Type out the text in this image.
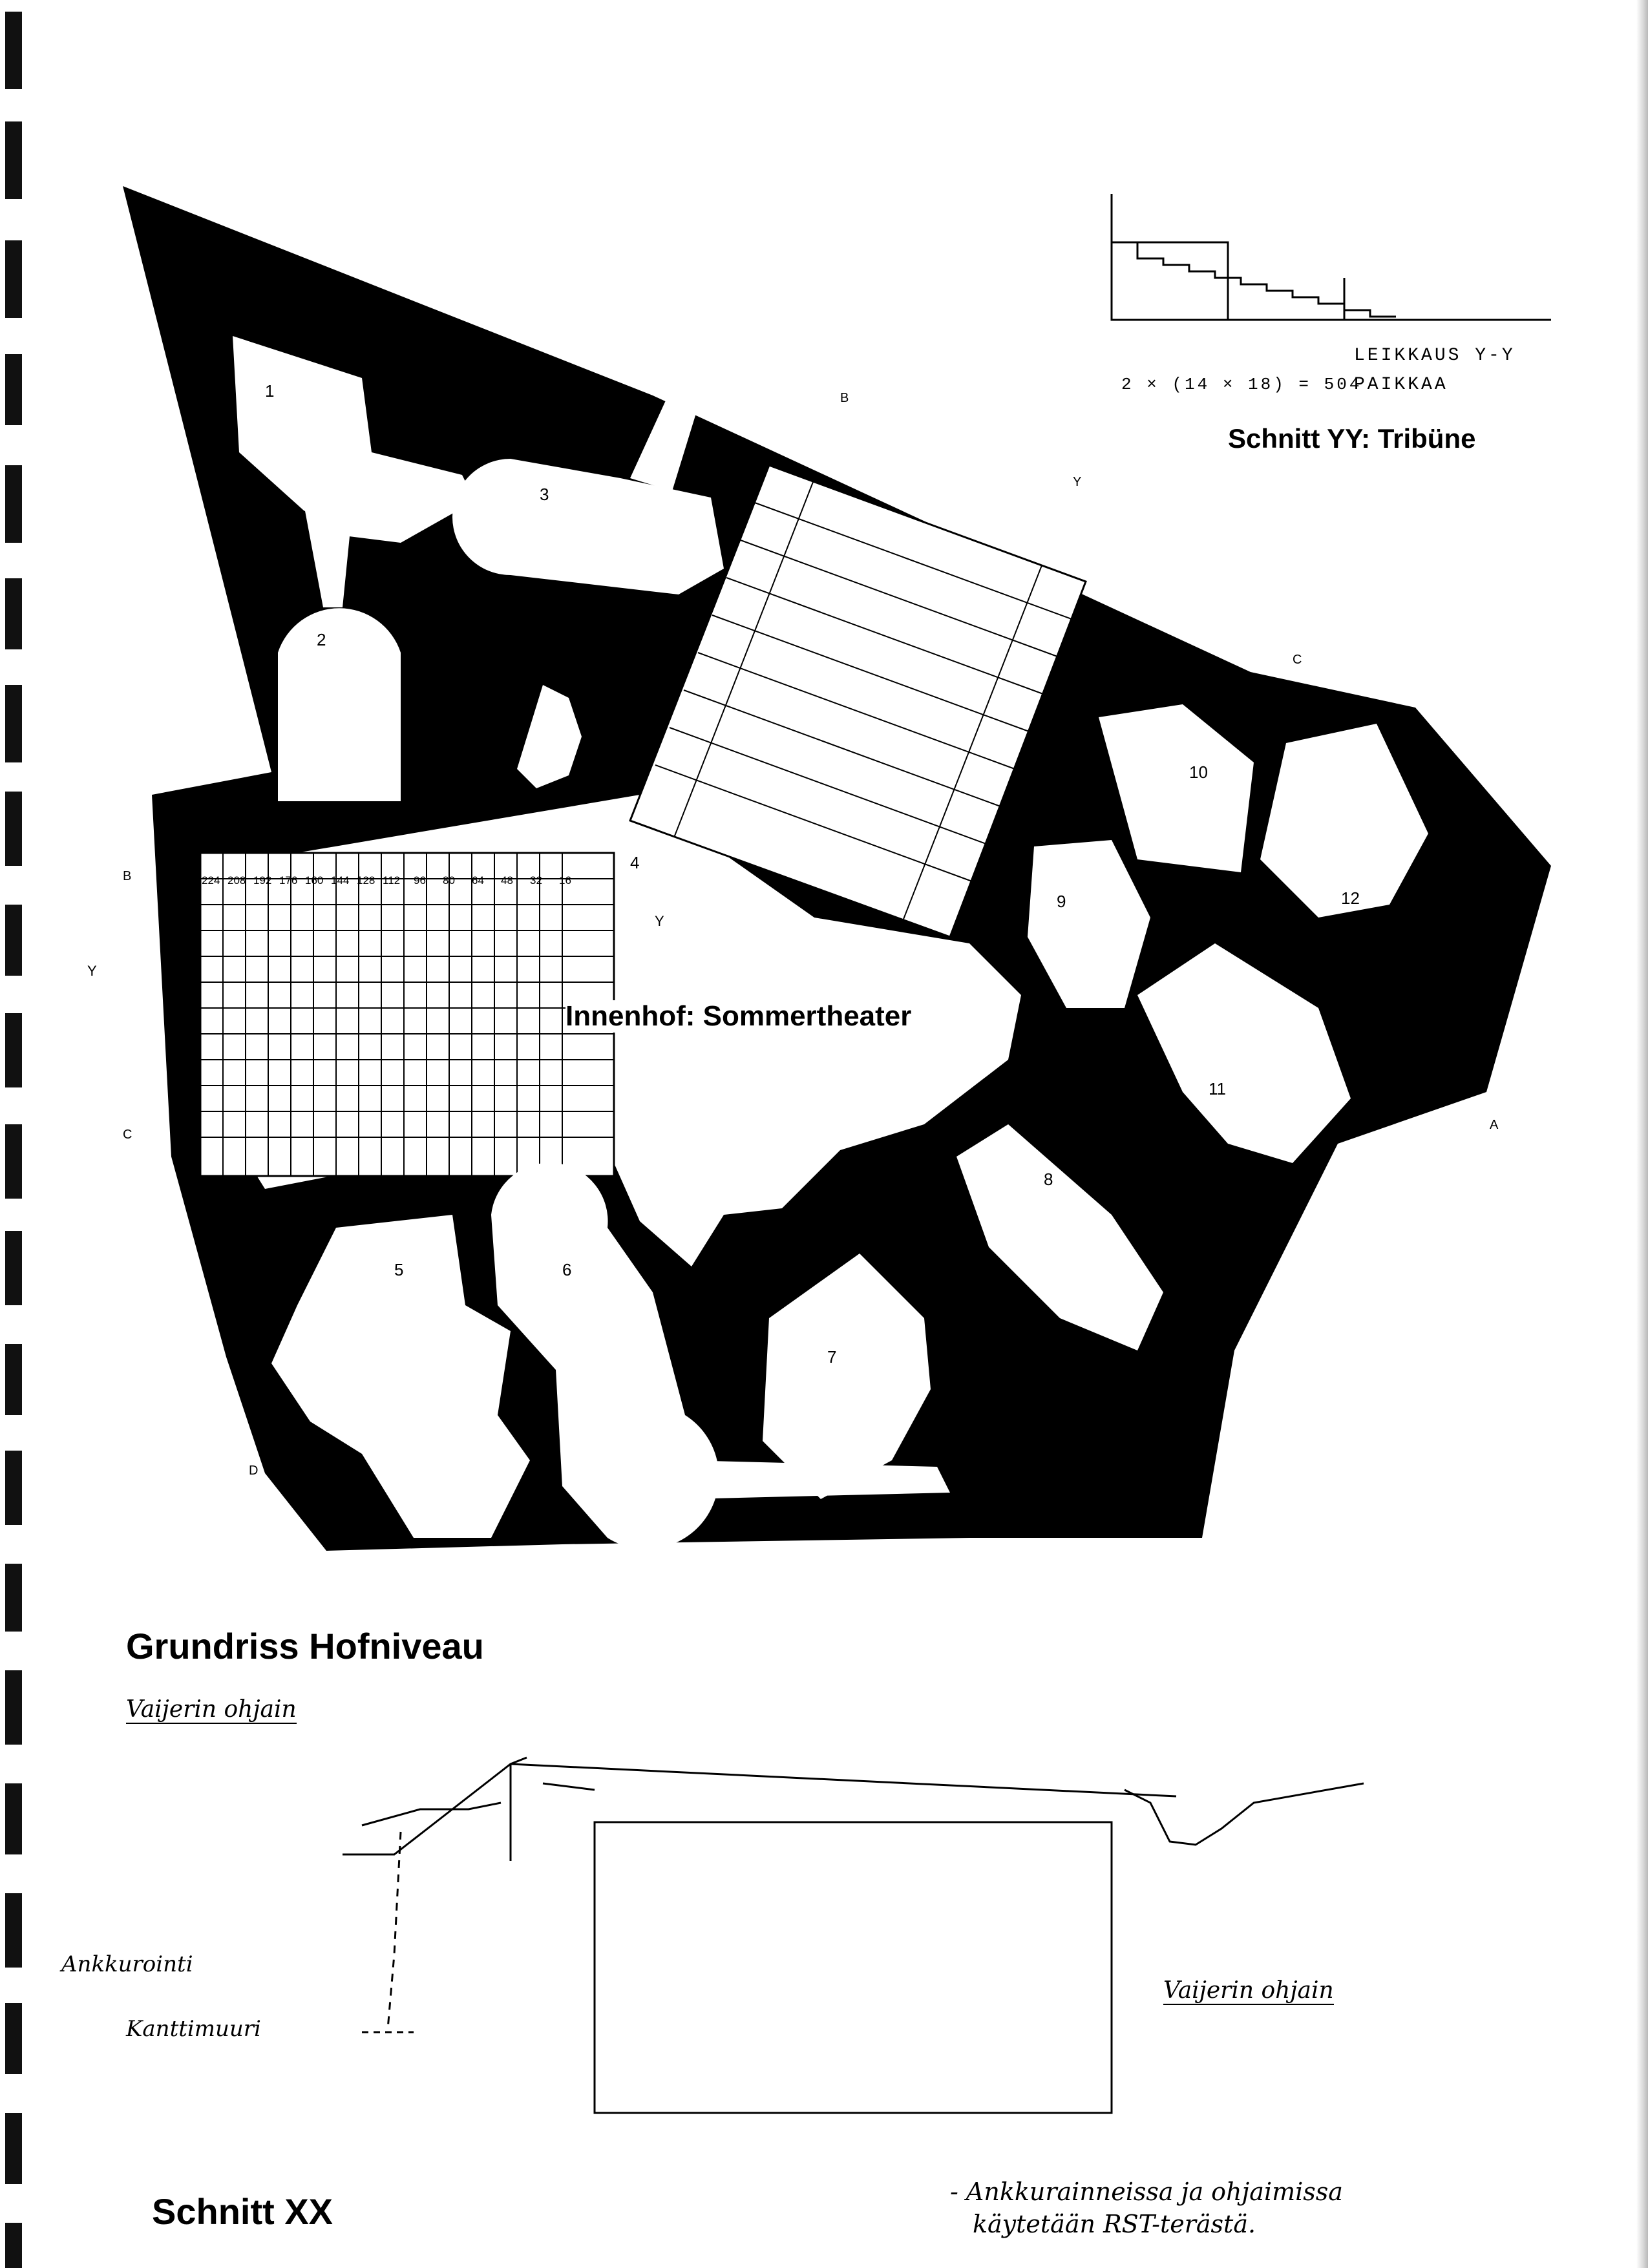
LEIKKAUS Y-Y
2 × (14 × 18) = 504
PAIKKAA
Schnitt YY: Tribüne
Innenhof: Sommertheater
Grundriss Hofniveau
Schnitt XX
1
2
3
4
5	6
7
8
9
10
11
12
224 208 192 176 160 144 128 112 96 80 64 48 32 16
B
B
Y
Y
C
D
A
C
Y
Vaijerin ohjain
Ankkurointi
Kanttimuuri
Vaijerin ohjain
- Ankkurainneissa ja ohjaimissa
käytetään RST-terästä.
